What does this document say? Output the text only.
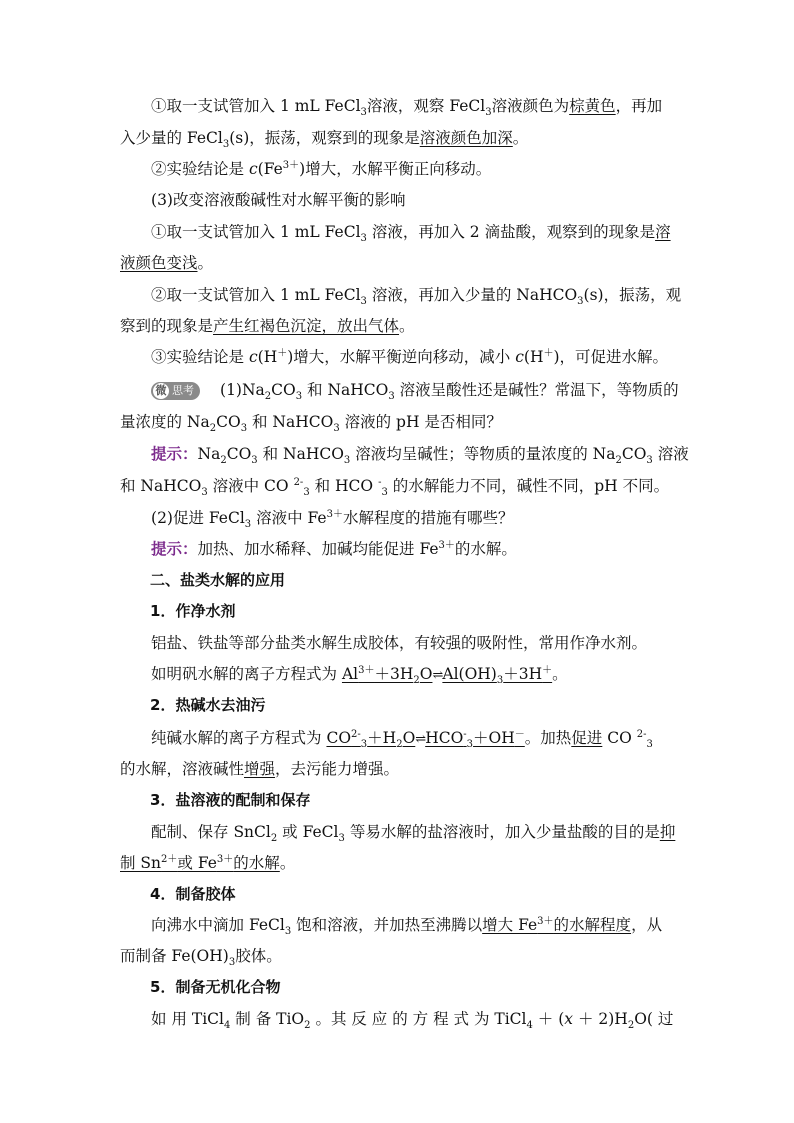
　　①取一支试管加入 1 mL FeCl$_3$溶液，观察 FeCl$_3$溶液颜色为棕黄色，再加
入少量的 FeCl$_3$(s)，振荡，观察到的现象是溶液颜色加深。
　　②实验结论是 $c(Fe^{3+})$增大，水解平衡正向移动。
　　(3)改变溶液酸碱性对水解平衡的影响
　　①取一支试管加入 1 mL FeCl$_3$ 溶液，再加入 2 滴盐酸，观察到的现象是溶
液颜色变浅。
　　②取一支试管加入 1 mL FeCl$_3$ 溶液，再加入少量的 NaHCO$_3$(s)，振荡，观
察到的现象是产生红褐色沉淀，放出气体。
　　③实验结论是 c(H＋)增大，水解平衡逆向移动，减小 c(H＋)，可促进水解。

微 思考 $(1)Na_2CO_3$ 和 NaHCO$_3$ 溶液呈酸性还是碱性？常温下，等物质的
量浓度的 $Na_2CO_3$ 和 NaHCO$_3$ 溶液的 pH 是否相同？
　　提示：$Na_2CO_3$ 和 NaHCO$_3$ 溶液均呈碱性；等物质的量浓度的 $Na_2CO_3$ 溶液
和 NaHCO$_3$ 溶液中 CO $^{2-}_3$ 和 HCO -$_3$ 的水解能力不同，碱性不同，pH 不同。
　　(2)促进 FeCl$_3$ 溶液中 $Fe^{3+}$水解程度的措施有哪些？
　　提示：加热、加水稀释、加碱均能促进 $Fe^{3+}$的水解。
　　二、盐类水解的应用
　　1．作净水剂
　　铝盐、铁盐等部分盐类水解生成胶体，有较强的吸附性，常用作净水剂。
　　如明矾水解的离子方程式为 $Al^{3+}+3H_2O\rightleftharpoons Al(OH)_3+3H^+$。
　　2．热碱水去油污
　　纯碱水解的离子方程式为 $CO^{2-}_3+H_2O\rightleftharpoons HCO^-_3+OH^-$。加热促进 CO $^{2-}_3$
的水解，溶液碱性增强，去污能力增强。
　　3．盐溶液的配制和保存
　　配制、保存 SnCl$_2$ 或 FeCl$_3$ 等易水解的盐溶液时，加入少量盐酸的目的是抑
制 $Sn^{2+}$或 $Fe^{3+}$的水解。
　　4．制备胶体
　　向沸水中滴加 FeCl$_3$ 饱和溶液，并加热至沸腾以增大 $Fe^{3+}$的水解程度，从
而制备 $Fe(OH)_3$胶体。
　　5．制备无机化合物
　　如 用 TiCl$_4$ 制 备 TiO$_2$ 。其 反 应 的 方 程 式 为 TiCl$_4$ ＋ $(x + 2)H_2O$( 过
